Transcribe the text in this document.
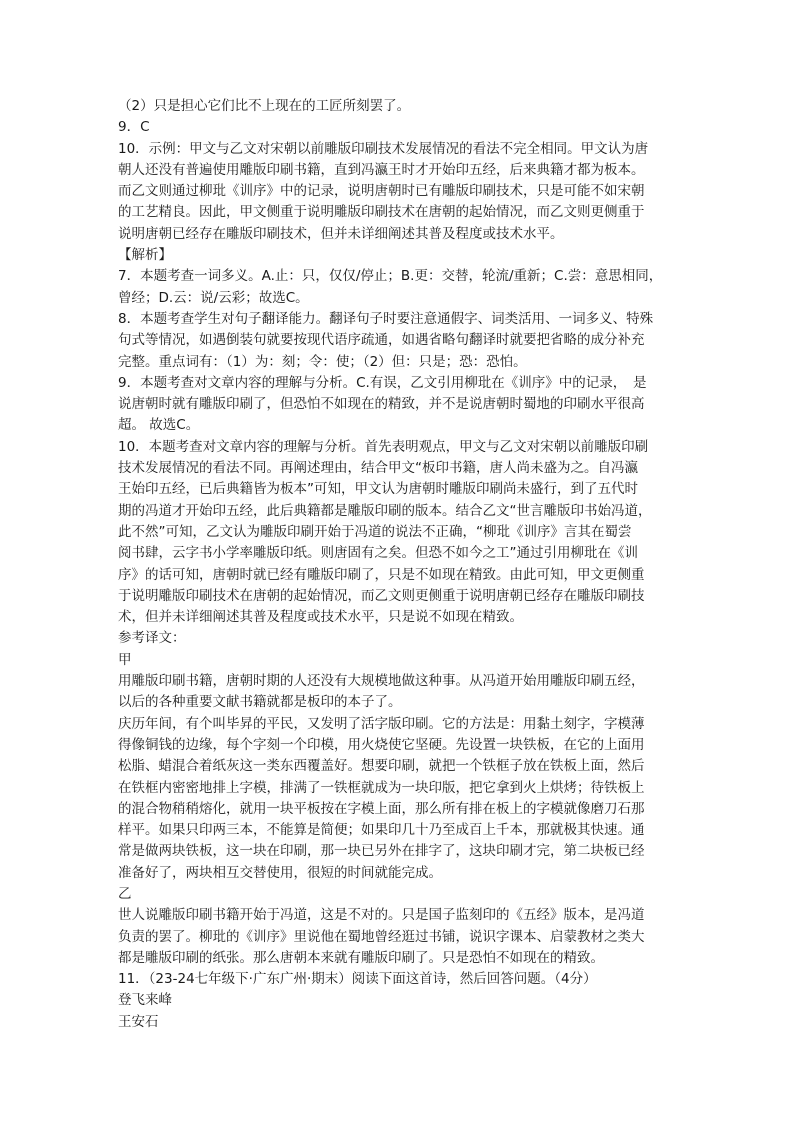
（2）只是担心它们比不上现在的工匠所刻罢了。
9．C
10．示例：甲文与乙文对宋朝以前雕版印刷技术发展情况的看法不完全相同。甲文认为唐
朝人还没有普遍使用雕版印刷书籍，直到冯瀛王时才开始印五经，后来典籍才都为板本。
而乙文则通过柳玭《训序》中的记录，说明唐朝时已有雕版印刷技术，只是可能不如宋朝
的工艺精良。因此，甲文侧重于说明雕版印刷技术在唐朝的起始情况，而乙文则更侧重于
说明唐朝已经存在雕版印刷技术，但并未详细阐述其普及程度或技术水平。
【解析】
7．本题考查一词多义。A.止：只，仅仅/停止；B.更：交替，轮流/重新；C.尝：意思相同，
曾经；D.云：说/云彩；故选C。
8．本题考查学生对句子翻译能力。翻译句子时要注意通假字、词类活用、一词多义、特殊
句式等情况，如遇倒装句就要按现代语序疏通，如遇省略句翻译时就要把省略的成分补充
完整。重点词有：（1）为：刻；令：使；（2）但：只是；恐：恐怕。
9．本题考查对文章内容的理解与分析。C.有误，乙文引用柳玭在《训序》中的记录，　是
说唐朝时就有雕版印刷了，但恐怕不如现在的精致，并不是说唐朝时蜀地的印刷水平很高
超。 故选C。
10．本题考查对文章内容的理解与分析。首先表明观点，甲文与乙文对宋朝以前雕版印刷
技术发展情况的看法不同。再阐述理由，结合甲文“板印书籍，唐人尚未盛为之。自冯瀛
王始印五经，已后典籍皆为板本”可知，甲文认为唐朝时雕版印刷尚未盛行，到了五代时
期的冯道才开始印五经，此后典籍都是雕版印刷的版本。结合乙文“世言雕版印书始冯道，
此不然”可知，乙文认为雕版印刷开始于冯道的说法不正确，“柳玭《训序》言其在蜀尝
阅书肆，云字书小学率雕版印纸。则唐固有之矣。但恐不如今之工”通过引用柳玭在《训
序》的话可知，唐朝时就已经有雕版印刷了，只是不如现在精致。由此可知，甲文更侧重
于说明雕版印刷技术在唐朝的起始情况，而乙文则更侧重于说明唐朝已经存在雕版印刷技
术，但并未详细阐述其普及程度或技术水平，只是说不如现在精致。
参考译文：
甲
用雕版印刷书籍，唐朝时期的人还没有大规模地做这种事。从冯道开始用雕版印刷五经，
以后的各种重要文献书籍就都是板印的本子了。
庆历年间，有个叫毕昇的平民，又发明了活字版印刷。它的方法是：用黏土刻字，字模薄
得像铜钱的边缘，每个字刻一个印模，用火烧使它坚硬。先设置一块铁板，在它的上面用
松脂、蜡混合着纸灰这一类东西覆盖好。想要印刷，就把一个铁框子放在铁板上面，然后
在铁框内密密地排上字模，排满了一铁框就成为一块印版，把它拿到火上烘烤；待铁板上
的混合物稍稍熔化，就用一块平板按在字模上面，那么所有排在板上的字模就像磨刀石那
样平。如果只印两三本，不能算是简便；如果印几十乃至成百上千本，那就极其快速。通
常是做两块铁板，这一块在印刷，那一块已另外在排字了，这块印刷才完，第二块板已经
准备好了，两块相互交替使用，很短的时间就能完成。
乙
世人说雕版印刷书籍开始于冯道，这是不对的。只是国子监刻印的《五经》版本，是冯道
负责的罢了。柳玭的《训序》里说他在蜀地曾经逛过书铺，说识字课本、启蒙教材之类大
都是雕版印刷的纸张。那么唐朝本来就有雕版印刷了。只是恐怕不如现在的精致。
11．（23-24七年级下·广东广州·期末）阅读下面这首诗，然后回答问题。（4分）
登飞来峰
王安石
